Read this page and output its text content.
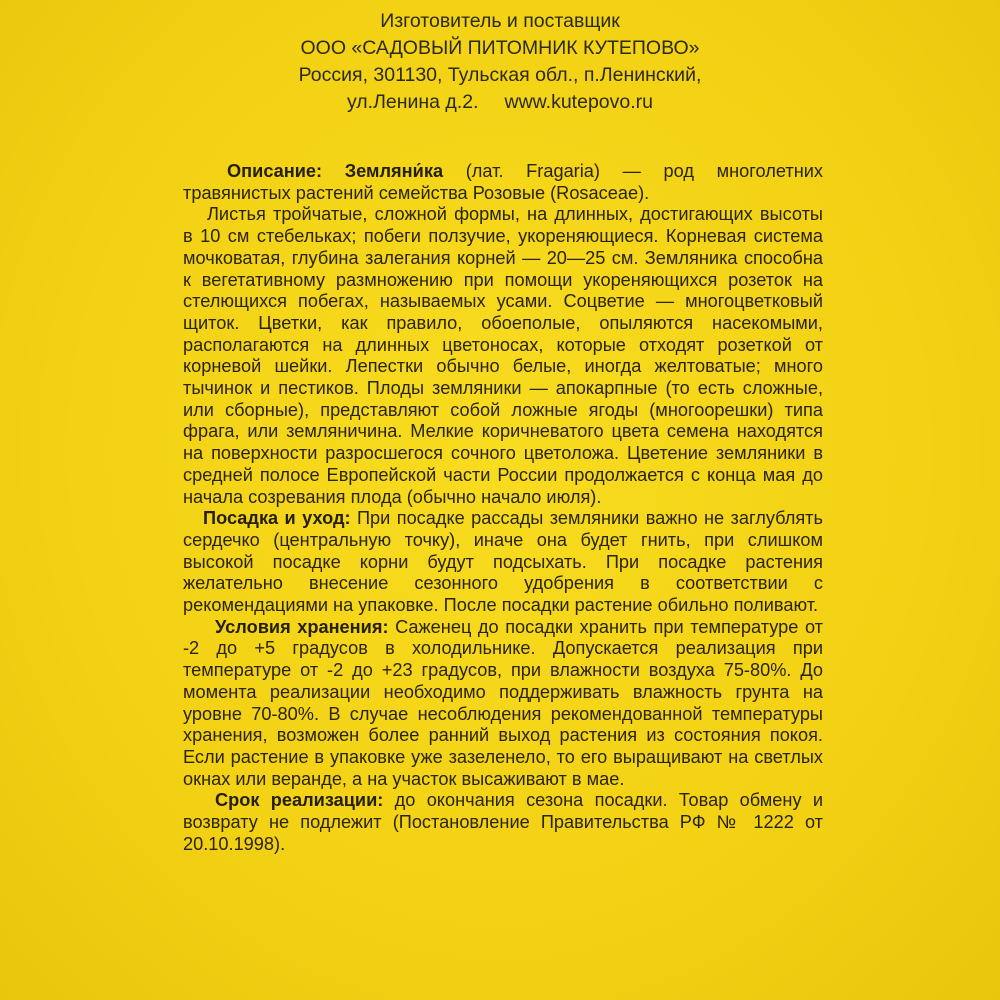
Изготовитель и поставщик
ООО «САДОВЫЙ ПИТОМНИК КУТЕПОВО»
Россия, 301130, Тульская обл., п.Ленинский,
ул.Ленина д.2. www.kutepovo.ru

Описание: Земляни́ка (лат. Fragaria) — род многолетних травянистых растений семейства Розовые (Rosaceae).

Листья тройчатые, сложной формы, на длинных, достигающих высоты в 10 см стебельках; побеги ползучие, укореняющиеся. Корневая система мочковатая, глубина залегания корней — 20—25 см. Земляника способна к вегетативному размножению при помощи укореняющихся розеток на стелющихся побегах, называемых усами. Соцветие — многоцветковый щиток. Цветки, как правило, обоеполые, опыляются насекомыми, располагаются на длинных цветоносах, которые отходят розеткой от корневой шейки. Лепестки обычно белые, иногда желтоватые; много тычинок и пестиков. Плоды земляники — апокарпные (то есть сложные, или сборные), представляют собой ложные ягоды (многоорешки) типа фрага, или земляничина. Мелкие коричневатого цвета семена находятся на поверхности разросшегося сочного цветоложа. Цветение земляники в средней полосе Европейской части России продолжается с конца мая до начала созревания плода (обычно начало июля).

Посадка и уход: При посадке рассады земляники важно не заглублять сердечко (центральную точку), иначе она будет гнить, при слишком высокой посадке корни будут подсыхать. При посадке растения желательно внесение сезонного удобрения в соответствии с рекомендациями на упаковке. После посадки растение обильно поливают.

Условия хранения: Саженец до посадки хранить при температуре от -2 до +5 градусов в холодильнике. Допускается реализация при температуре от -2 до +23 градусов, при влажности воздуха 75-80%. До момента реализации необходимо поддерживать влажность грунта на уровне 70-80%. В случае несоблюдения рекомендованной температуры хранения, возможен более ранний выход растения из состояния покоя. Если растение в упаковке уже зазеленело, то его выращивают на светлых окнах или веранде, а на участок высаживают в мае.

Срок реализации: до окончания сезона посадки. Товар обмену и возврату не подлежит (Постановление Правительства РФ № 1222 от 20.10.1998).
